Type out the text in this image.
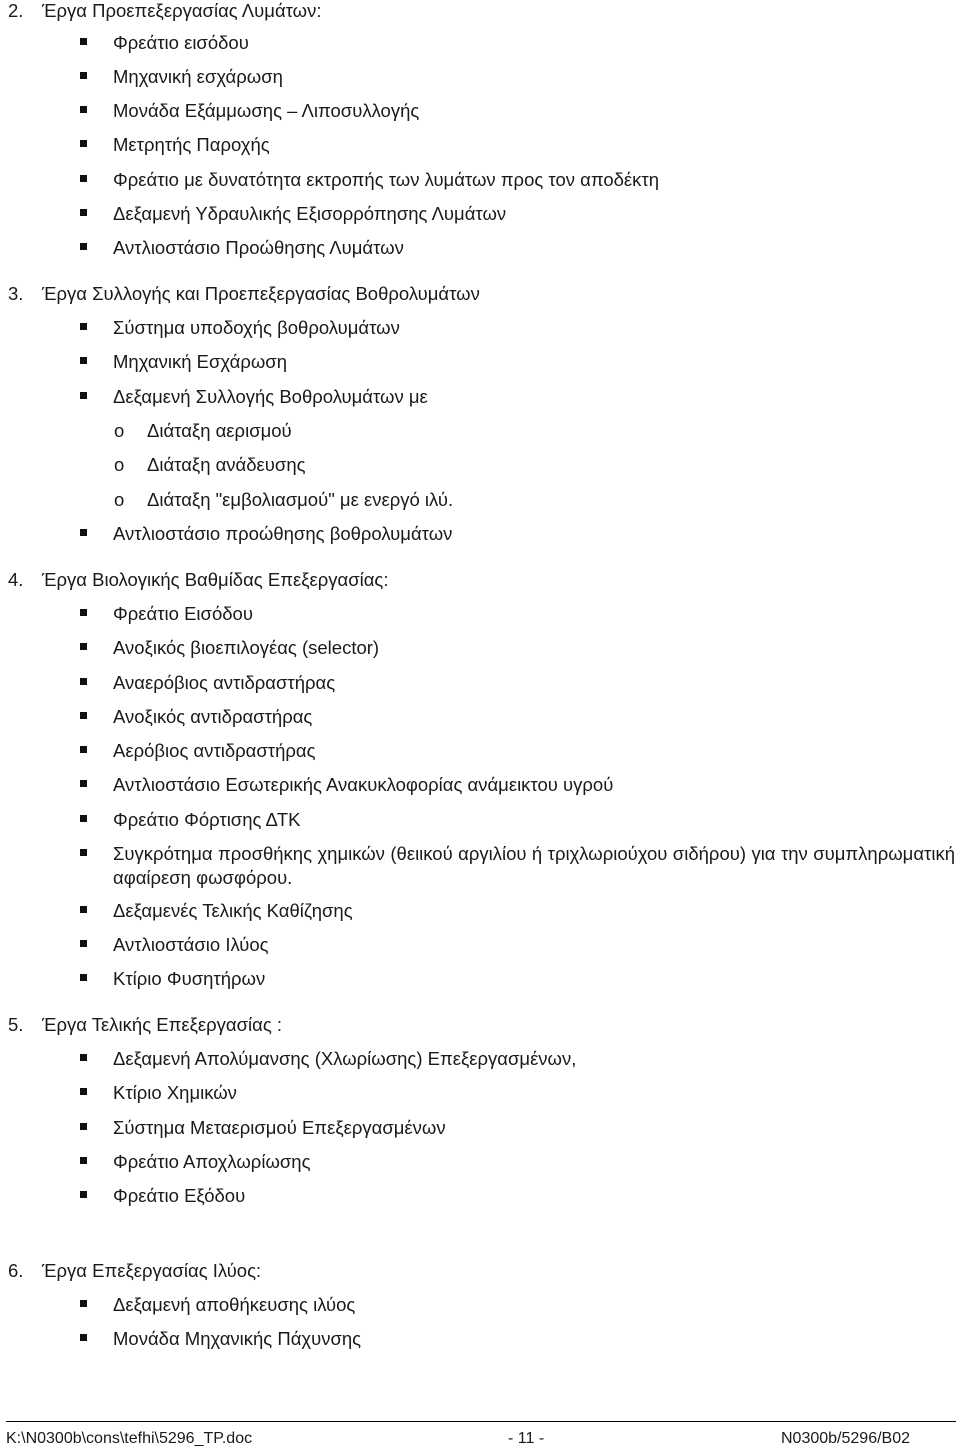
2. Έργα Προεπεξεργασίας Λυμάτων:
Φρεάτιο εισόδου
Μηχανική εσχάρωση
Μονάδα Εξάμμωσης – Λιποσυλλογής
Μετρητής Παροχής
Φρεάτιο με δυνατότητα εκτροπής των λυμάτων προς τον αποδέκτη
Δεξαμενή Υδραυλικής Εξισορρόπησης Λυμάτων
Αντλιοστάσιο Προώθησης Λυμάτων
3. Έργα Συλλογής και Προεπεξεργασίας Βοθρολυμάτων
Σύστημα υποδοχής βοθρολυμάτων
Μηχανική Εσχάρωση
Δεξαμενή Συλλογής Βοθρολυμάτων με
o Διάταξη αερισμού
o Διάταξη ανάδευσης
o Διάταξη "εμβολιασμού" με ενεργό ιλύ.
Αντλιοστάσιο προώθησης βοθρολυμάτων
4. Έργα Βιολογικής Βαθμίδας Επεξεργασίας:
Φρεάτιο Εισόδου
Ανοξικός βιοεπιλογέας (selector)
Αναερόβιος αντιδραστήρας
Ανοξικός αντιδραστήρας
Αερόβιος αντιδραστήρας
Αντλιοστάσιο Εσωτερικής Ανακυκλοφορίας ανάμεικτου υγρού
Φρεάτιο Φόρτισης ΔΤΚ
Συγκρότημα προσθήκης χημικών (θειικού αργιλίου ή τριχλωριούχου σιδήρου) για την συμπληρωματική αφαίρεση φωσφόρου.
Δεξαμενές Τελικής Καθίζησης
Αντλιοστάσιο Ιλύος
Κτίριο Φυσητήρων
5. Έργα Τελικής Επεξεργασίας :
Δεξαμενή Απολύμανσης (Χλωρίωσης) Επεξεργασμένων,
Κτίριο Χημικών
Σύστημα Μεταερισμού Επεξεργασμένων
Φρεάτιο Αποχλωρίωσης
Φρεάτιο Εξόδου
6. Έργα Επεξεργασίας Ιλύος:
Δεξαμενή αποθήκευσης ιλύος
Μονάδα Μηχανικής Πάχυνσης
K:\N0300b\cons\tefhi\5296_TP.doc	- 11 -	N0300b/5296/B02
